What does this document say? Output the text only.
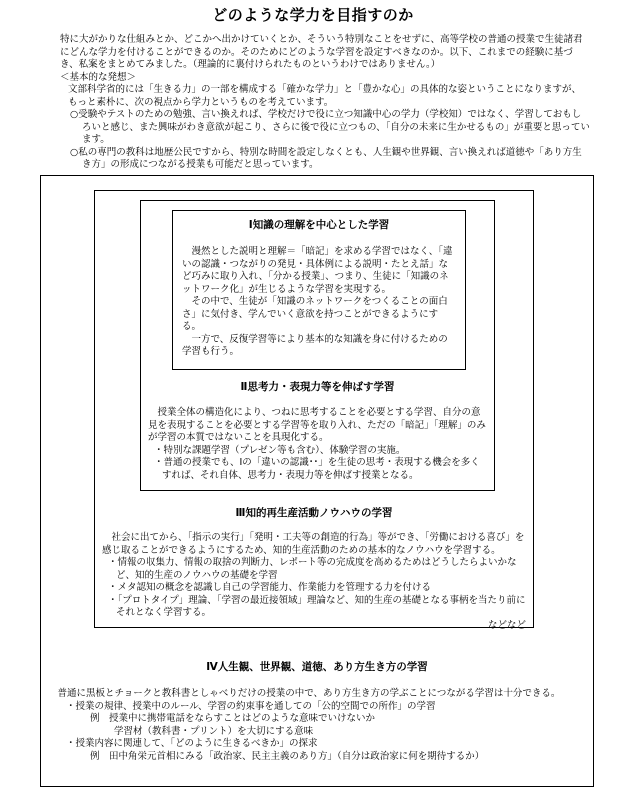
どのような学力を目指すのか

特に大がかりな仕組みとか、どこかへ出かけていくとか、そういう特別なことをせずに、高等学校の普通の授業で生徒諸君にどんな学力を付けることができるのか。そのためにどのような学習を設定すべきなのか。以下、これまでの経験に基づき、私案をまとめてみました。（理論的に裏付けられたものというわけではありません。）

＜基本的な発想＞

文部科学省的には「生きる力」の一部を構成する「確かな学力」と「豊かな心」の具体的な姿ということになりますが、もっと素朴に、次の視点から学力というものを考えています。

○受験やテストのための勉強、言い換えれば、学校だけで役に立つ知識中心の学力（学校知）ではなく、学習しておもしろいと感じ、また興味がわき意欲が起こり、さらに後で役に立つもの、「自分の未来に生かせるもの」が重要と思っています。

○私の専門の教科は地歴公民ですから、特別な時間を設定しなくとも、人生観や世界観、言い換えれば道徳や「あり方生き方」の形成につながる授業も可能だと思っています。

Ⅰ知識の理解を中心とした学習

漫然とした説明と理解＝「暗記」を求める学習ではなく、「違いの認識・つながりの発見・具体例による説明・たとえ話」など巧みに取り入れ、「分かる授業」、つまり、生徒に「知識のネットワーク化」が生じるような学習を実現する。

その中で、生徒が「知識のネットワークをつくることの面白さ」に気付き、学んでいく意欲を持つことができるようにする。

一方で、反復学習等により基本的な知識を身に付けるための学習も行う。

Ⅱ思考力・表現力等を伸ばす学習

授業全体の構造化により、つねに思考することを必要とする学習、自分の意見を表現することを必要とする学習等を取り入れ、ただの「暗記」「理解」のみが学習の本質ではないことを具現化する。

・特別な課題学習（プレゼン等も含む）、体験学習の実施。

・普通の授業でも、Ⅰの「違いの認識･･」を生徒の思考・表現する機会を多くすれば、それ自体、思考力・表現力等を伸ばす授業となる。

Ⅲ知的再生産活動ノウハウの学習

社会に出てから、「指示の実行」「発明・工夫等の創造的行為」等ができ、「労働における喜び」を感じ取ることができるようにするため、知的生産活動のための基本的なノウハウを学習する。

・情報の収集力、情報の取捨の判断力、レポート等の完成度を高めるためはどうしたらよいかなど、知的生産のノウハウの基礎を学習

・メタ認知の概念を認識し自己の学習能力、作業能力を管理する力を付ける

・「プロトタイプ」理論、「学習の最近接領域」理論など、知的生産の基礎となる事柄を当たり前にそれとなく学習する。

などなど

Ⅳ人生観、世界観、道徳、あり方生き方の学習

普通に黒板とチョークと教科書としゃべりだけの授業の中で、あり方生き方の学ぶことにつながる学習は十分できる。

・授業の規律、授業中のルール、学習の約束事を通しての「公的空間での所作」の学習

例　授業中に携帯電話をならすことはどのような意味でいけないか

学習材（教科書・プリント）を大切にする意味

・授業内容に関連して、「どのように生きるべきか」の探求

例　田中角栄元首相にみる「政治家、民主主義のあり方」（自分は政治家に何を期待するか）
